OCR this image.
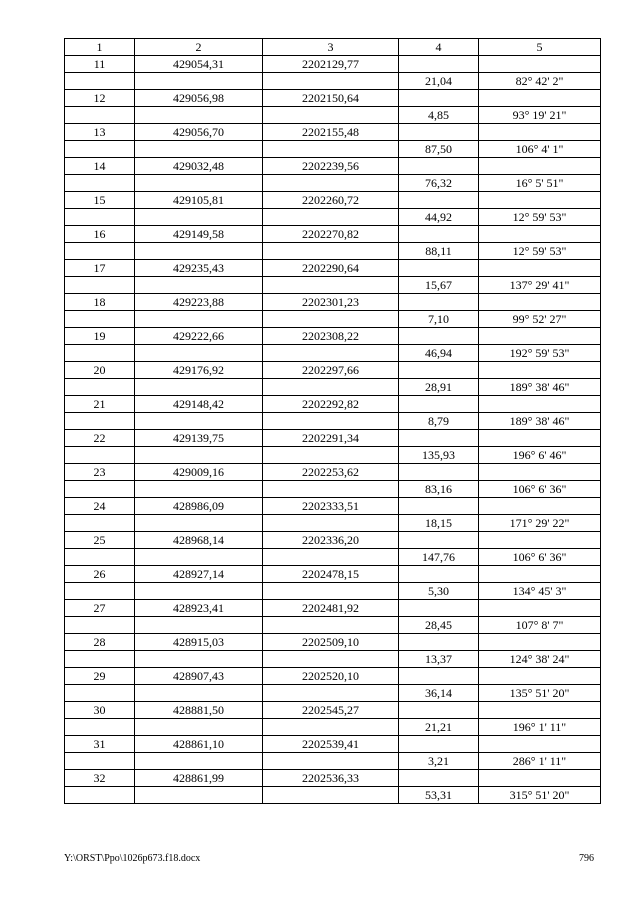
1	2	3	4	5
11	429054,31	2202129,77		
			21,04	82° 42' 2"
12	429056,98	2202150,64		
			4,85	93° 19' 21"
13	429056,70	2202155,48		
			87,50	106° 4' 1"
14	429032,48	2202239,56		
			76,32	16° 5' 51"
15	429105,81	2202260,72		
			44,92	12° 59' 53"
16	429149,58	2202270,82		
			88,11	12° 59' 53"
17	429235,43	2202290,64		
			15,67	137° 29' 41"
18	429223,88	2202301,23		
			7,10	99° 52' 27"
19	429222,66	2202308,22		
			46,94	192° 59' 53"
20	429176,92	2202297,66		
			28,91	189° 38' 46"
21	429148,42	2202292,82		
			8,79	189° 38' 46"
22	429139,75	2202291,34		
			135,93	196° 6' 46"
23	429009,16	2202253,62		
			83,16	106° 6' 36"
24	428986,09	2202333,51		
			18,15	171° 29' 22"
25	428968,14	2202336,20		
			147,76	106° 6' 36"
26	428927,14	2202478,15		
			5,30	134° 45' 3"
27	428923,41	2202481,92		
			28,45	107° 8' 7"
28	428915,03	2202509,10		
			13,37	124° 38' 24"
29	428907,43	2202520,10		
			36,14	135° 51' 20"
30	428881,50	2202545,27		
			21,21	196° 1' 11"
31	428861,10	2202539,41		
			3,21	286° 1' 11"
32	428861,99	2202536,33		
			53,31	315° 51' 20"
Y:\ORST\Ppo\1026p673.f18.docx	796
